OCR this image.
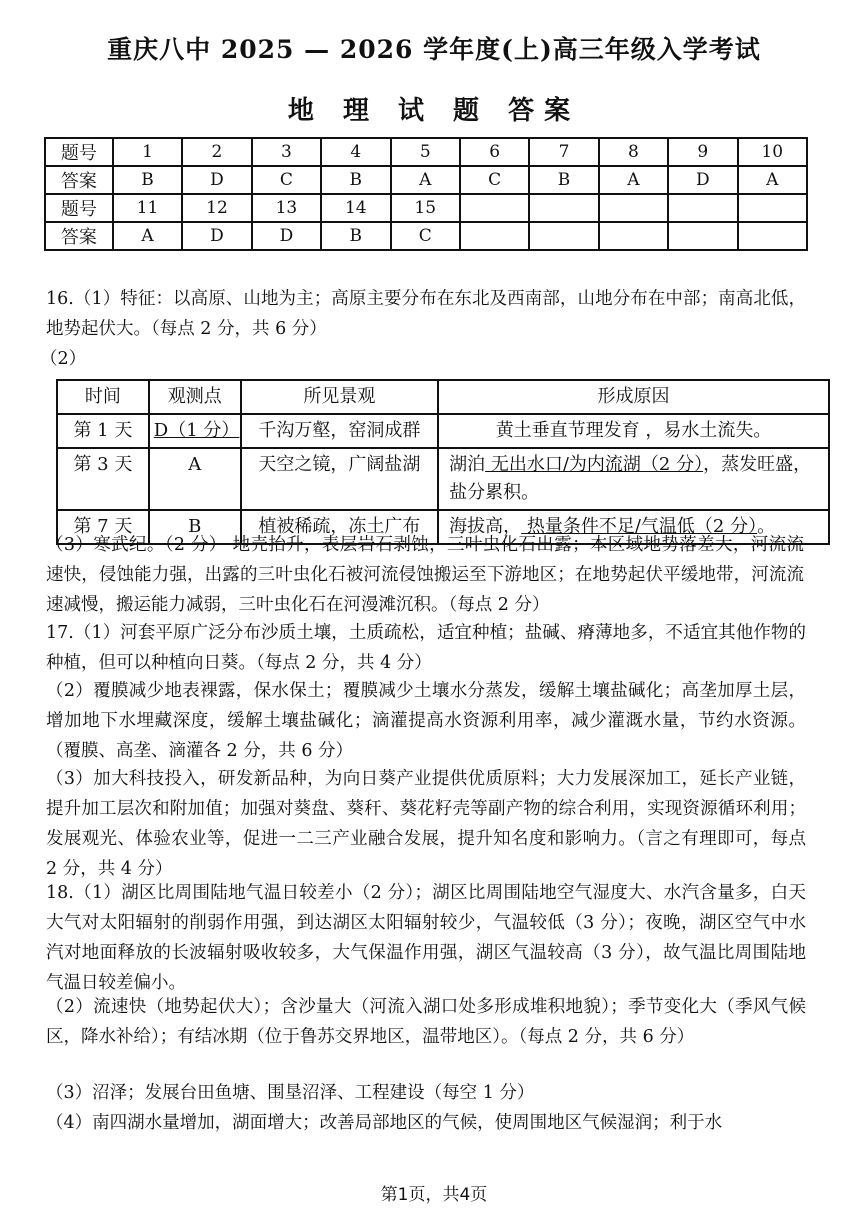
重庆八中 2025 — 2026 学年度(上)高三年级入学考试
地 理 试 题 答案
题号	1	2	3	4	5	6	7	8	9	10
答案	B	D	C	B	A	C	B	A	D	A
题号	11	12	13	14	15					
答案	A	D	D	B	C					
16.（1）特征：以高原、山地为主；高原主要分布在东北及西南部，山地分布在中部；南高北低，地势起伏大。（每点 2 分，共 6 分）
（2）
时间	观测点	所见景观	形成原因
第 1 天	D（1 分）	千沟万壑，窑洞成群	黄土垂直节理发育 ，易水土流失。
第 3 天	A	天空之镜，广阔盐湖	湖泊 无出水口/为内流湖（2 分），蒸发旺盛，盐分累积。
第 7 天	B	植被稀疏，冻土广布	海拔高， 热量条件不足/气温低（2 分）。
（3）寒武纪。（2 分） 地壳抬升，表层岩石剥蚀，三叶虫化石出露；本区域地势落差大，河流流速快，侵蚀能力强，出露的三叶虫化石被河流侵蚀搬运至下游地区；在地势起伏平缓地带，河流流速减慢，搬运能力减弱，三叶虫化石在河漫滩沉积。（每点 2 分）
17.（1）河套平原广泛分布沙质土壤，土质疏松，适宜种植；盐碱、瘠薄地多，不适宜其他作物的种植，但可以种植向日葵。（每点 2 分，共 4 分）
（2）覆膜减少地表裸露，保水保土；覆膜减少土壤水分蒸发，缓解土壤盐碱化；高垄加厚土层，增加地下水埋藏深度，缓解土壤盐碱化；滴灌提高水资源利用率，减少灌溉水量，节约水资源。（覆膜、高垄、滴灌各 2 分，共 6 分）
（3）加大科技投入，研发新品种，为向日葵产业提供优质原料；大力发展深加工，延长产业链，提升加工层次和附加值；加强对葵盘、葵秆、葵花籽壳等副产物的综合利用，实现资源循环利用；发展观光、体验农业等，促进一二三产业融合发展，提升知名度和影响力。（言之有理即可，每点 2 分，共 4 分）
18.（1）湖区比周围陆地气温日较差小（2 分）；湖区比周围陆地空气湿度大、水汽含量多，白天大气对太阳辐射的削弱作用强，到达湖区太阳辐射较少，气温较低（3 分）；夜晚，湖区空气中水汽对地面释放的长波辐射吸收较多，大气保温作用强，湖区气温较高（3 分），故气温比周围陆地气温日较差偏小。
（2）流速快（地势起伏大）；含沙量大（河流入湖口处多形成堆积地貌）；季节变化大（季风气候区，降水补给）；有结冰期（位于鲁苏交界地区，温带地区）。（每点 2 分，共 6 分）
（3）沼泽；发展台田鱼塘、围垦沼泽、工程建设（每空 1 分）
（4）南四湖水量增加，湖面增大；改善局部地区的气候，使周围地区气候湿润；利于水
第1页，共4页
